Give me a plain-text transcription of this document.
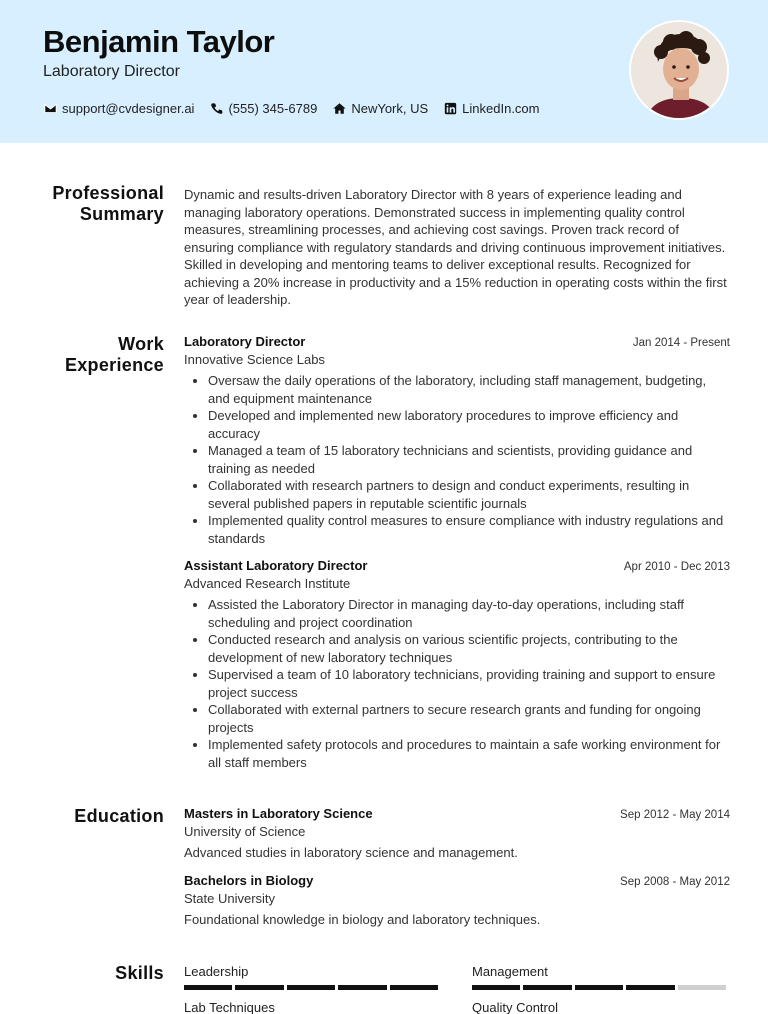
Benjamin Taylor
Laboratory Director
support@cvdesigner.ai	(555) 345-6789	NewYork, US	LinkedIn.com
Professional
Summary
Dynamic and results-driven Laboratory Director with 8 years of experience leading and managing laboratory operations. Demonstrated success in implementing quality control measures, streamlining processes, and achieving cost savings. Proven track record of ensuring compliance with regulatory standards and driving continuous improvement initiatives. Skilled in developing and mentoring teams to deliver exceptional results. Recognized for achieving a 20% increase in productivity and a 15% reduction in operating costs within the first year of leadership.
Work
Experience
Laboratory Director	Jan 2014 - Present
Innovative Science Labs
• Oversaw the daily operations of the laboratory, including staff management, budgeting, and equipment maintenance
• Developed and implemented new laboratory procedures to improve efficiency and accuracy
• Managed a team of 15 laboratory technicians and scientists, providing guidance and training as needed
• Collaborated with research partners to design and conduct experiments, resulting in several published papers in reputable scientific journals
• Implemented quality control measures to ensure compliance with industry regulations and standards
Assistant Laboratory Director	Apr 2010 - Dec 2013
Advanced Research Institute
• Assisted the Laboratory Director in managing day-to-day operations, including staff scheduling and project coordination
• Conducted research and analysis on various scientific projects, contributing to the development of new laboratory techniques
• Supervised a team of 10 laboratory technicians, providing training and support to ensure project success
• Collaborated with external partners to secure research grants and funding for ongoing projects
• Implemented safety protocols and procedures to maintain a safe working environment for all staff members
Education Masters in Laboratory Science	Sep 2012 - May 2014
University of Science
Advanced studies in laboratory science and management.
Bachelors in Biology	Sep 2008 - May 2012
State University
Foundational knowledge in biology and laboratory techniques.
Skills Leadership	Management
Lab Techniques	Quality Control
